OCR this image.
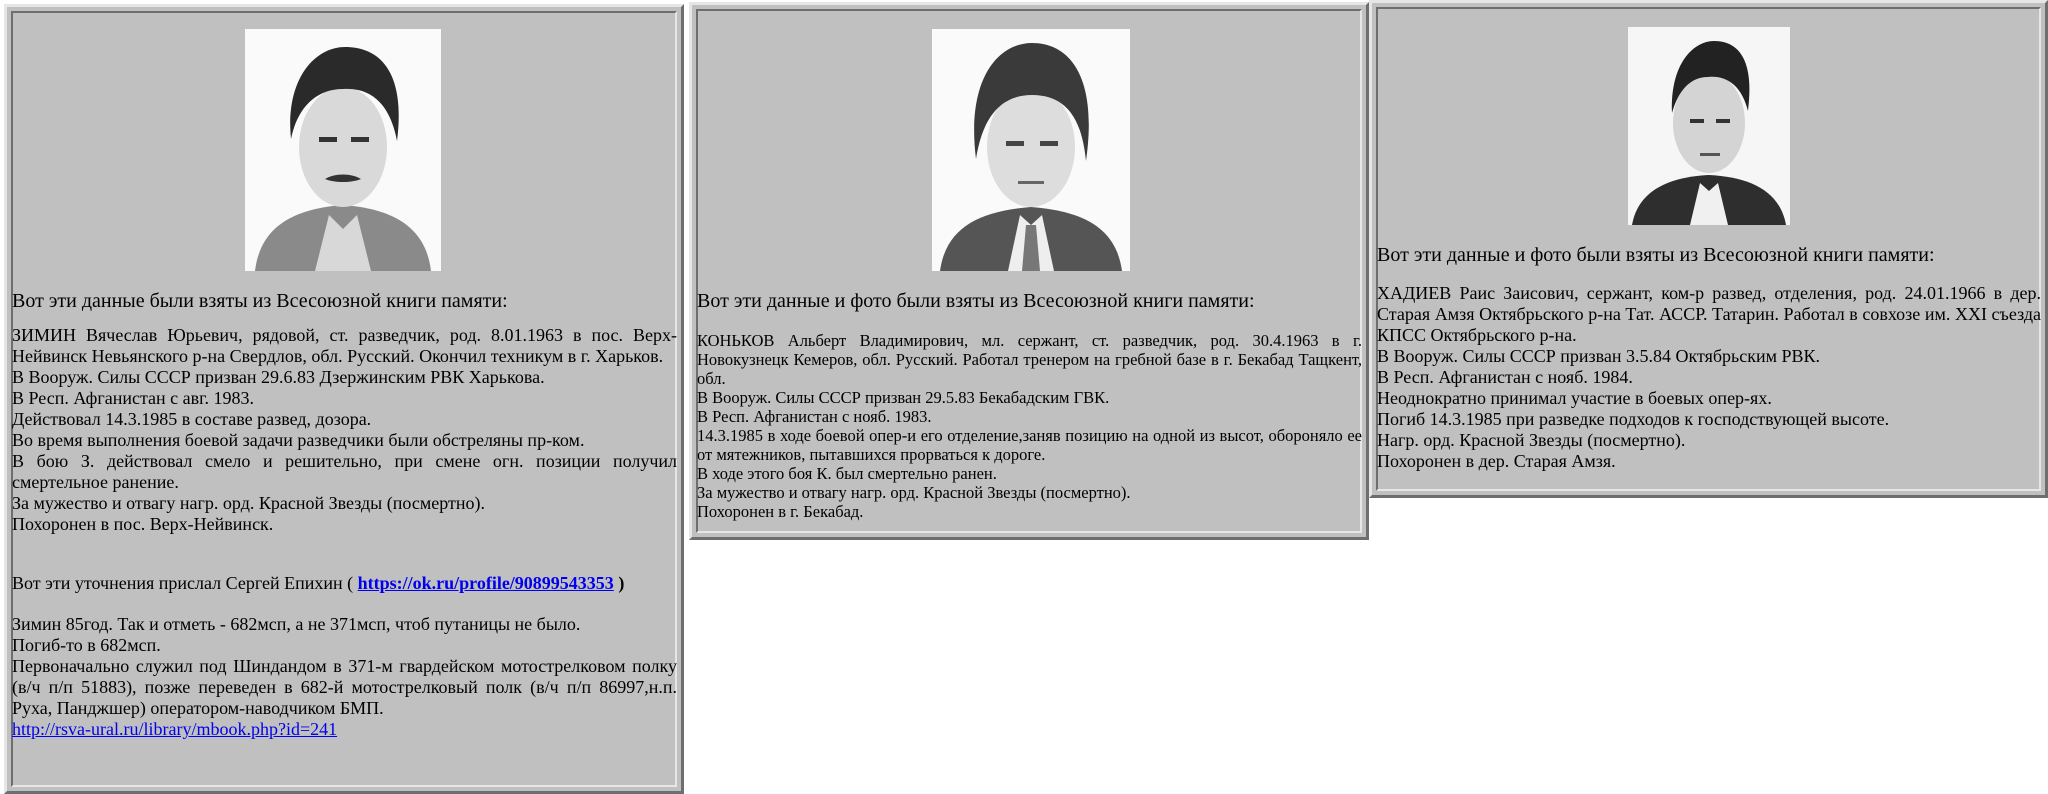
Вот эти данные были взяты из Всесоюзной книги памяти:

ЗИМИН Вячеслав Юрьевич, рядовой, ст. разведчик, род. 8.01.1963 в пос. Верх-Нейвинск Невьянского р-на Свердлов, обл. Русский. Окончил техникум в г. Харьков.

В Вооруж. Силы СССР призван 29.6.83 Дзержинским РВК Харькова.

В Респ. Афганистан с авг. 1983.

Действовал 14.3.1985 в составе развед, дозора.

Во время выполнения боевой задачи разведчики были обстреляны пр-ком.

В бою З. действовал смело и решительно, при смене огн. позиции получил смертельное ранение.

За мужество и отвагу нагр. орд. Красной Звезды (посмертно).

Похоронен в пос. Верх-Нейвинск.

Вот эти уточнения прислал Сергей Епихин ( https://ok.ru/profile/90899543353 )

Зимин 85год. Так и отметь - 682мсп, а не 371мсп, чтоб путаницы не было.

Погиб-то в 682мсп.

Первоначально служил под Шиндандом в 371-м гвардейском мотострелковом полку (в/ч п/п 51883), позже переведен в 682-й мотострелковый полк (в/ч п/п 86997,н.п. Руха, Панджшер) оператором-наводчиком БМП.

http://rsva-ural.ru/library/mbook.php?id=241

Вот эти данные и фото были взяты из Всесоюзной книги памяти:

КОНЬКОВ Альберт Владимирович, мл. сержант, ст. разведчик, род. 30.4.1963 в г. Новокузнецк Кемеров, обл. Русский. Работал тренером на гребной базе в г. Бекабад Тащкент, обл.

В Вооруж. Силы СССР призван 29.5.83 Бекабадским ГВК.

В Респ. Афганистан с нояб. 1983.

14.3.1985 в ходе боевой опер-и его отделение,заняв позицию на одной из высот, обороняло ее от мятежников, пытавшихся прорваться к дороге.

В ходе этого боя К. был смертельно ранен.

За мужество и отвагу нагр. орд. Красной Звезды (посмертно).

Похоронен в г. Бекабад.

Вот эти данные и фото были взяты из Всесоюзной книги памяти:

ХАДИЕВ Раис Заисович, сержант, ком-р развед, отделения, род. 24.01.1966 в дер. Старая Амзя Октябрьского р-на Тат. АССР. Татарин. Работал в совхозе им. XXI съезда КПСС Октябрьского р-на.

В Вооруж. Силы СССР призван 3.5.84 Октябрьским РВК.

В Респ. Афганистан с нояб. 1984.

Неоднократно принимал участие в боевых опер-ях.

Погиб 14.3.1985 при разведке подходов к господствующей высоте.

Нагр. орд. Красной Звезды (посмертно).

Похоронен в дер. Старая Амзя.
